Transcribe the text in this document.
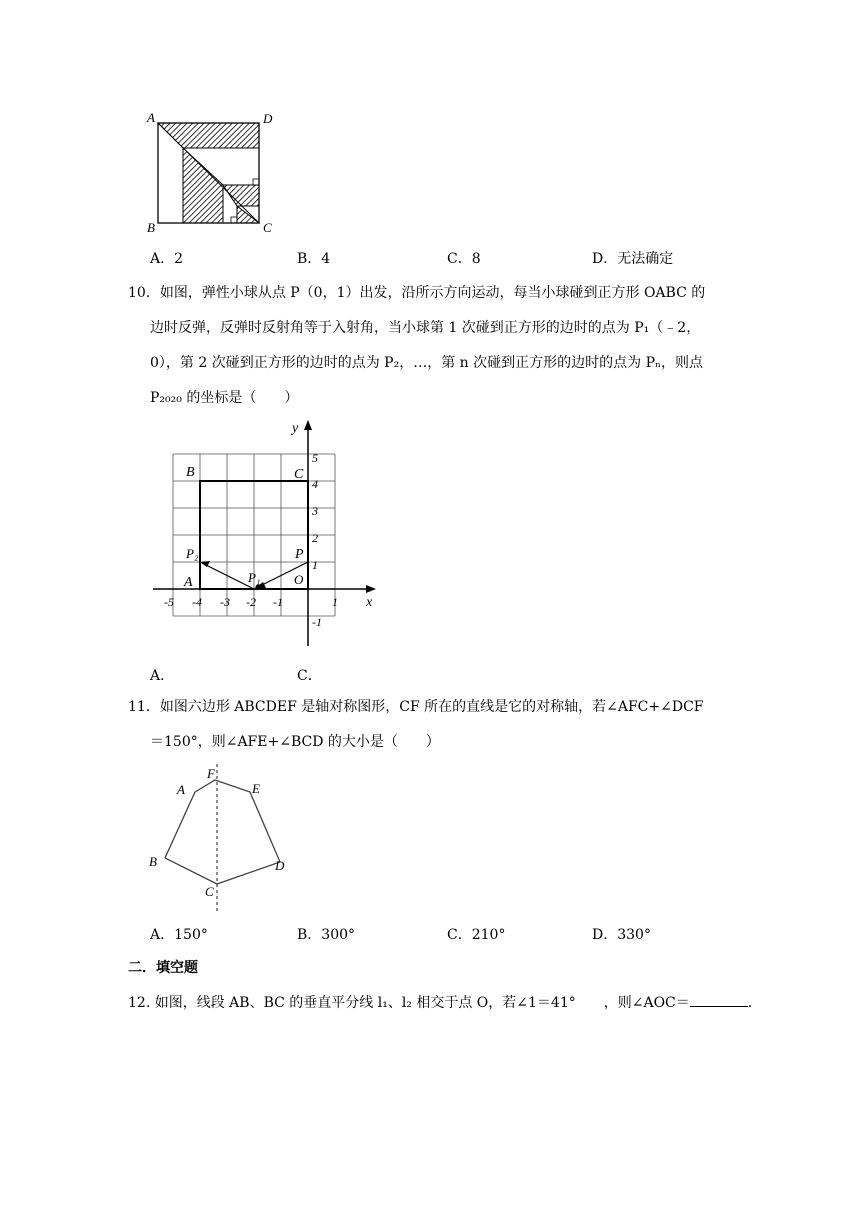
A	D
B	C
A．2	B．4	C．8	D．无法确定
10．如图，弹性小球从点 P（0，1）出发，沿所示方向运动，每当小球碰到正方形 OABC 的
边时反弹，反弹时反射角等于入射角，当小球第 1 次碰到正方形的边时的点为 P₁（﹣2，
0），第 2 次碰到正方形的边时的点为 P₂，…，第 n 次碰到正方形的边时的点为 Pₙ，则点
P₂₀₂₀ 的坐标是（　　）
x
y
-5 -4 -3 -2 -1
O
1
5
4
3
2
1
-1
B	C
A
P
P₁
P₂
A．	C．
11．如图六边形 ABCDEF 是轴对称图形，CF 所在的直线是它的对称轴，若∠AFC+∠DCF
＝150°，则∠AFE+∠BCD 的大小是（　　）
A
F
E
B	D
C
A．150°	B．300°	C．210°	D．330°
二．填空题
12. 如图，线段 AB、BC 的垂直平分线 l₁、l₂ 相交于点 O，若∠1＝41°　　，则∠AOC＝	.
